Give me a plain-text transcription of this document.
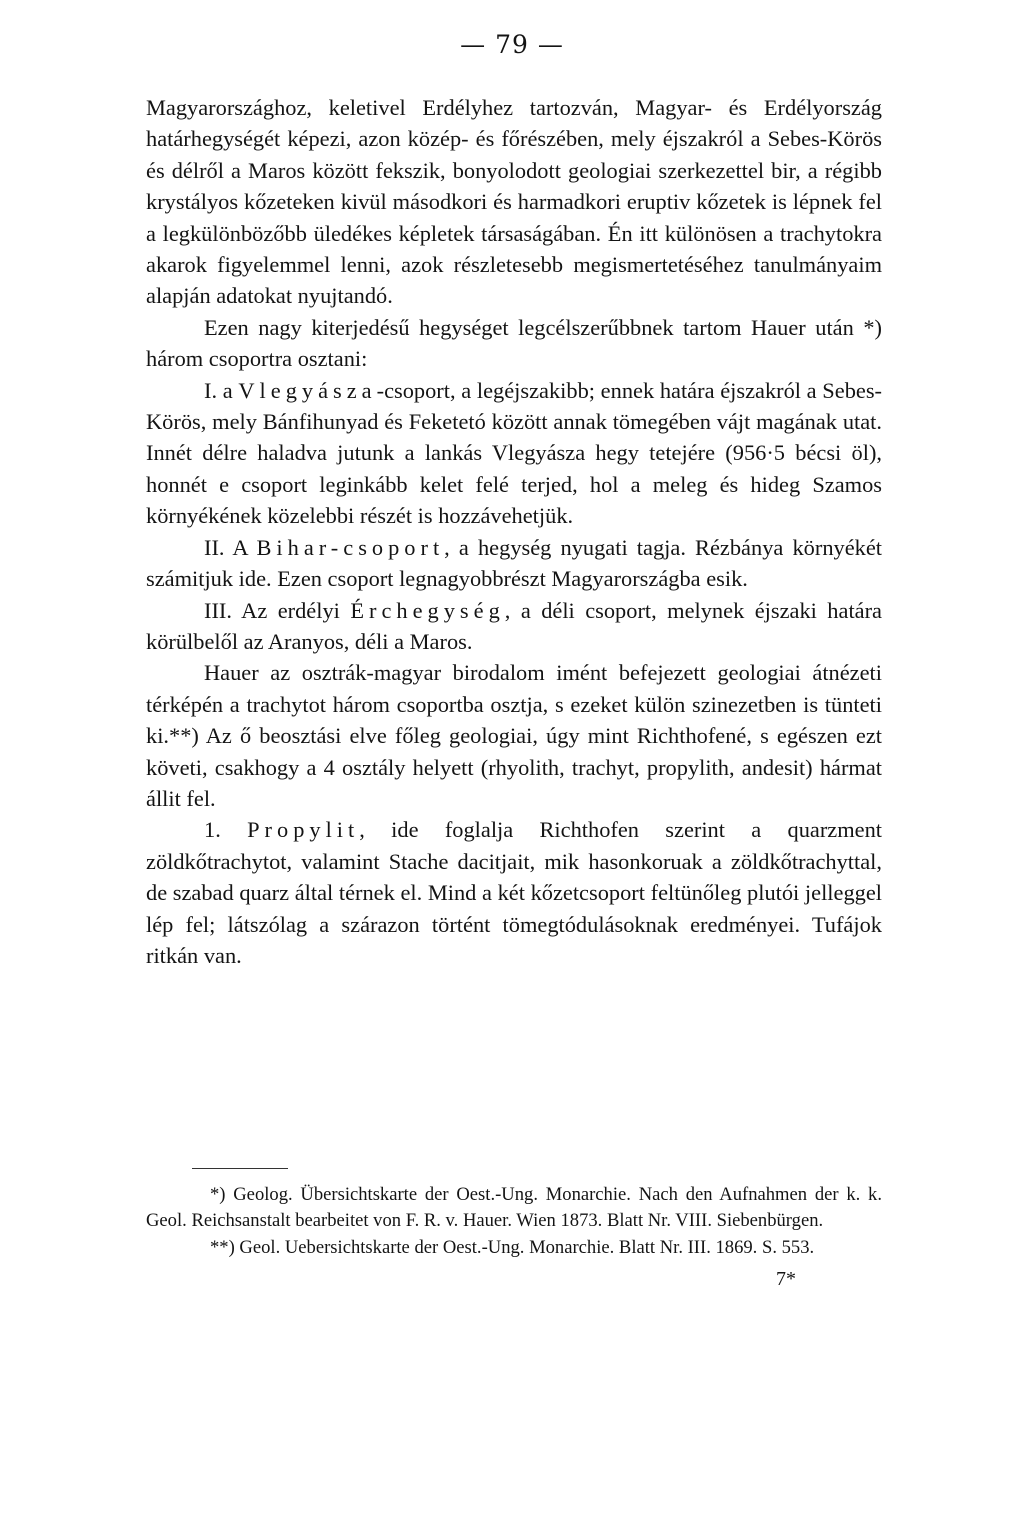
— 79 —

Magyarországhoz, keletivel Erdélyhez tartozván, Magyar- és Erdélyország határhegységét képezi, azon közép- és főrészében, mely éjszakról a Sebes-Körös és délről a Maros között fekszik, bonyolodott geologiai szerkezettel bir, a régibb krystályos kőzeteken kivül másodkori és harmadkori eruptiv kőzetek is lépnek fel a legkülönbözőbb üledékes képletek társaságában. Én itt különösen a trachytokra akarok figyelemmel lenni, azok részletesebb megismertetéséhez tanulmányaim alapján adatokat nyujtandó.

Ezen nagy kiterjedésű hegységet legcélszerűbbnek tartom Hauer után *) három csoportra osztani:

I. a Vlegyásza-csoport, a legéjszakibb; ennek határa éjszakról a Sebes-Körös, mely Bánfihunyad és Feketetó között annak tömegében vájt magának utat. Innét délre haladva jutunk a lankás Vlegyásza hegy tetejére (956·5 bécsi öl), honnét e csoport leginkább kelet felé terjed, hol a meleg és hideg Szamos környékének közelebbi részét is hozzávehetjük.

II. A Bihar-csoport, a hegység nyugati tagja. Rézbánya környékét számitjuk ide. Ezen csoport legnagyobbrészt Magyarországba esik.

III. Az erdélyi Érchegység, a déli csoport, melynek éjszaki határa körülbelől az Aranyos, déli a Maros.

Hauer az osztrák-magyar birodalom imént befejezett geologiai átnézeti térképén a trachytot három csoportba osztja, s ezeket külön szinezetben is tünteti ki.**) Az ő beosztási elve főleg geologiai, úgy mint Richthofené, s egészen ezt követi, csakhogy a 4 osztály helyett (rhyolith, trachyt, propylith, andesit) hármat állit fel.

1. Propylit, ide foglalja Richthofen szerint a quarzment zöldkőtrachytot, valamint Stache dacitjait, mik hasonkoruak a zöldkőtrachyttal, de szabad quarz által térnek el. Mind a két kőzetcsoport feltünőleg plutói jelleggel lép fel; látszólag a szárazon történt tömegtódulásoknak eredményei. Tufájok ritkán van.

*) Geolog. Übersichtskarte der Oest.-Ung. Monarchie. Nach den Aufnahmen der k. k. Geol. Reichsanstalt bearbeitet von F. R. v. Hauer. Wien 1873. Blatt Nr. VIII. Siebenbürgen.

**) Geol. Uebersichtskarte der Oest.-Ung. Monarchie. Blatt Nr. III. 1869. S. 553.

7*
